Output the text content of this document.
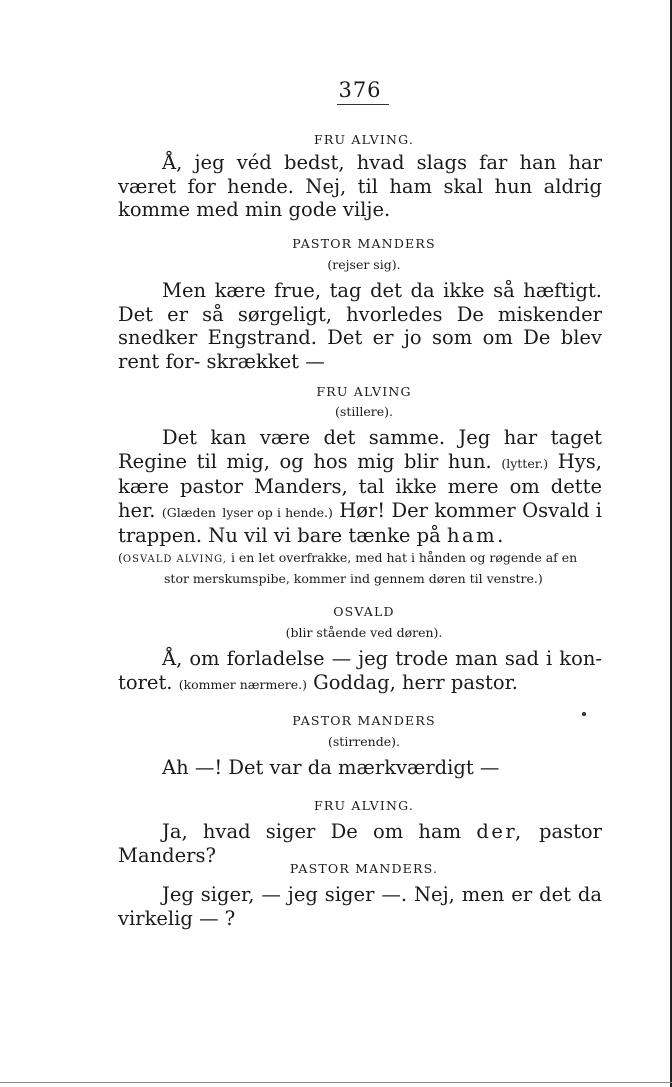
376
FRU ALVING.
Å, jeg véd bedst, hvad slags far han har været for hende. Nej, til ham skal hun aldrig komme med min gode vilje.
PASTOR MANDERS
(rejser sig).
Men kære frue, tag det da ikke så hæftigt. Det er så sørgeligt, hvorledes De miskender snedker Engstrand. Det er jo som om De blev rent for- skrækket —
FRU ALVING
(stillere).
Det kan være det samme. Jeg har taget Regine til mig, og hos mig blir hun. (lytter.) Hys, kære pastor Manders, tal ikke mere om dette her. (Glæden lyser op i hende.) Hør! Der kommer Osvald i trappen. Nu vil vi bare tænke på ham.
(OSVALD ALVING, i en let overfrakke, med hat i hånden og røgende af en
stor merskumspibe, kommer ind gennem døren til venstre.)
OSVALD
(blir stående ved døren).
Å, om forladelse — jeg trode man sad i kon- toret. (kommer nærmere.) Goddag, herr pastor.
PASTOR MANDERS
(stirrende).
Ah —! Det var da mærkværdigt —
FRU ALVING.
Ja, hvad siger De om ham der, pastor Manders?
PASTOR MANDERS.
Jeg siger, — jeg siger —. Nej, men er det da virkelig — ?
